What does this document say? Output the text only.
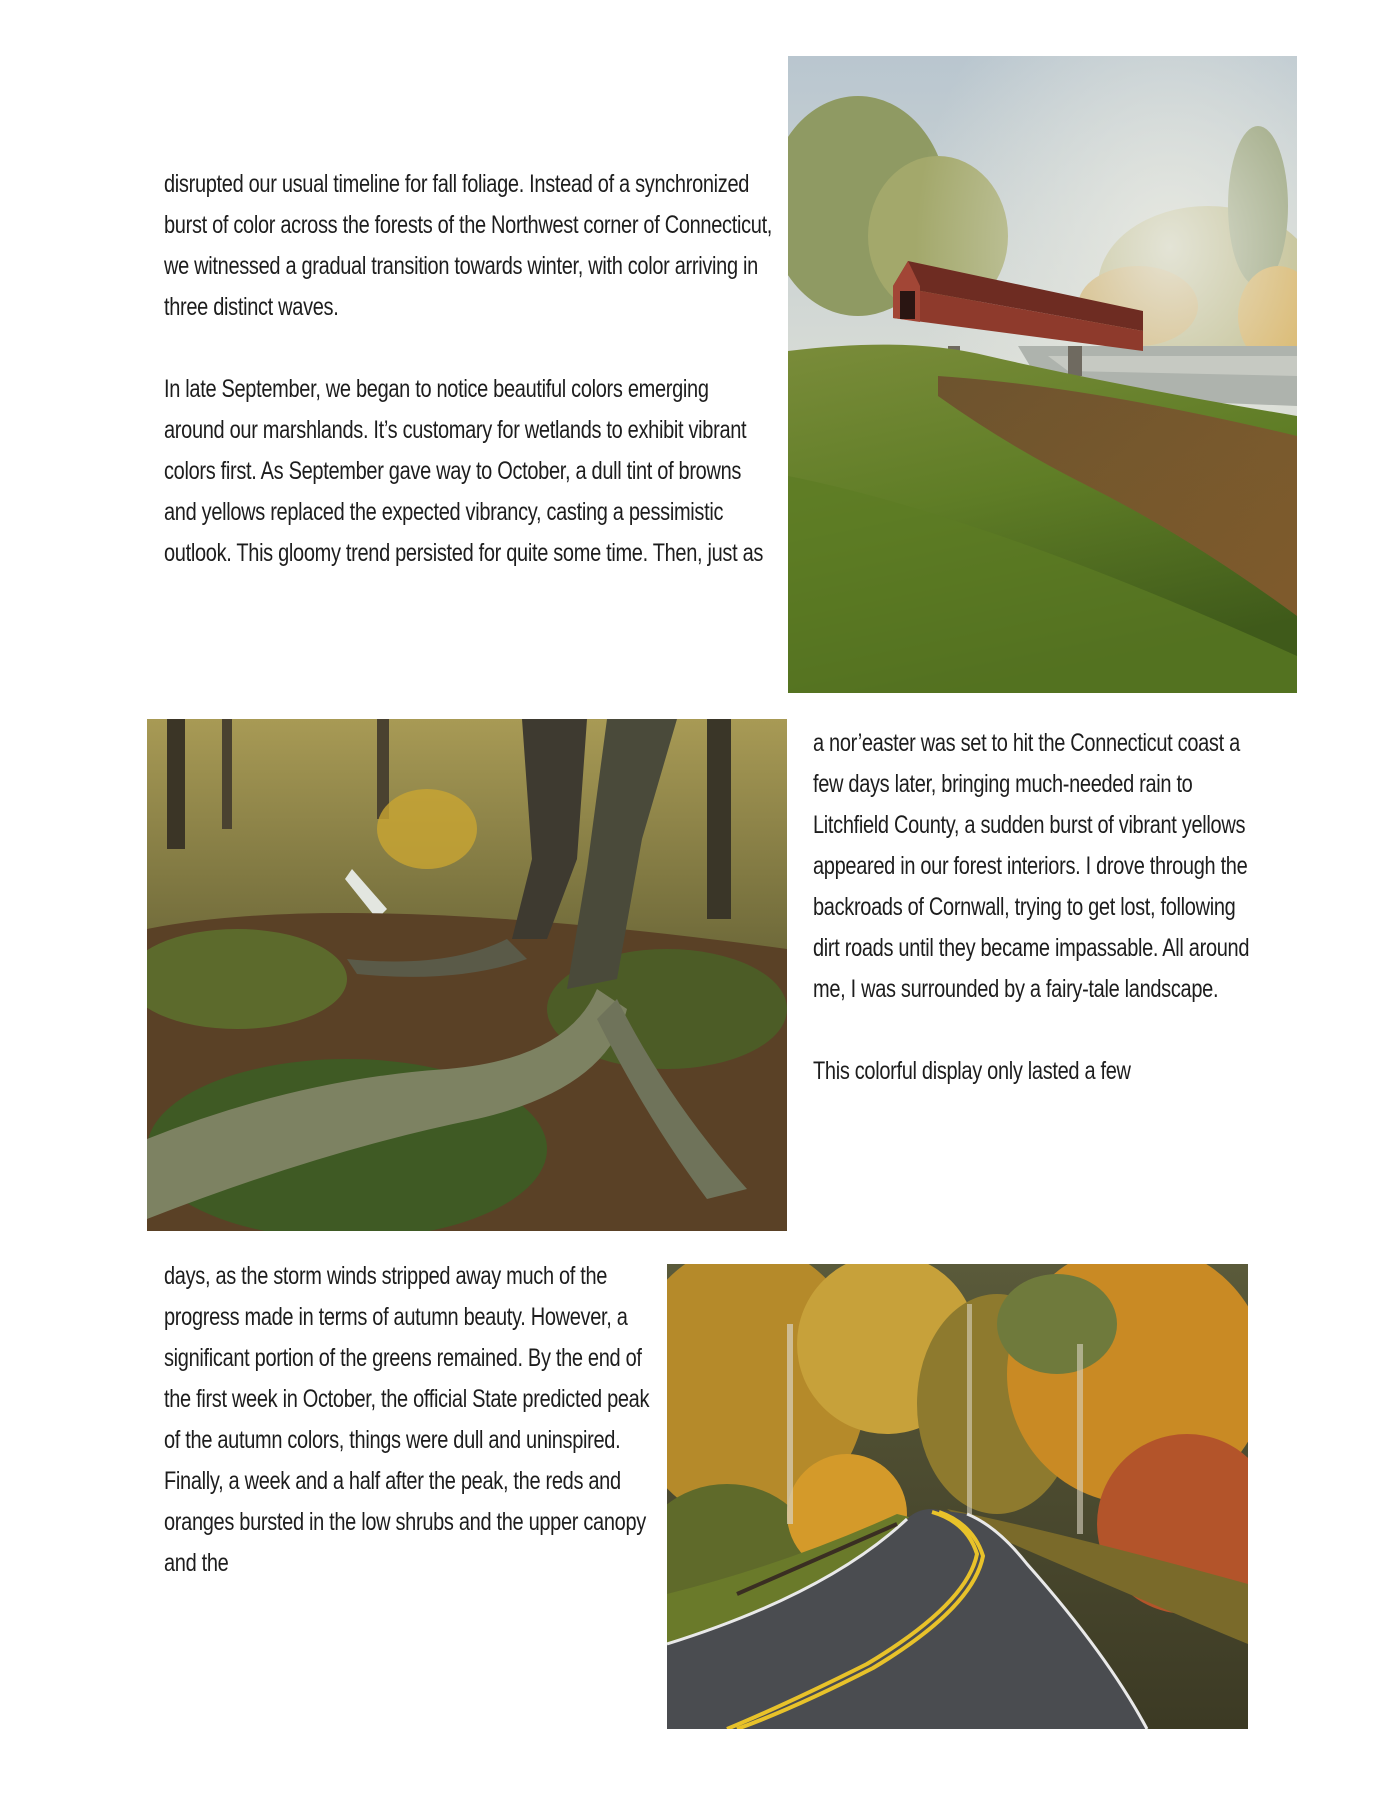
disrupted our usual timeline for fall foliage. Instead of a synchronized burst of color across the forests of the Northwest corner of Connecticut, we witnessed a gradual transition towards winter, with color arriving in three distinct waves.

In late September, we began to notice beautiful colors emerging around our marshlands. It’s customary for wetlands to exhibit vibrant colors first. As September gave way to October, a dull tint of browns and yellows replaced the expected vibrancy, casting a pessimistic outlook. This gloomy trend persisted for quite some time. Then, just as

a nor’easter was set to hit the Connecticut coast a few days later, bringing much-needed rain to Litchfield County, a sudden burst of vibrant yellows appeared in our forest interiors. I drove through the backroads of Cornwall, trying to get lost, following dirt roads until they became impassable. All around me, I was surrounded by a fairy-tale landscape.

This colorful display only lasted a few

days, as the storm winds stripped away much of the progress made in terms of autumn beauty. However, a significant portion of the greens remained. By the end of the first week in October, the official State predicted peak of the autumn colors, things were dull and uninspired. Finally, a week and a half after the peak, the reds and oranges bursted in the low shrubs and the upper canopy and the
